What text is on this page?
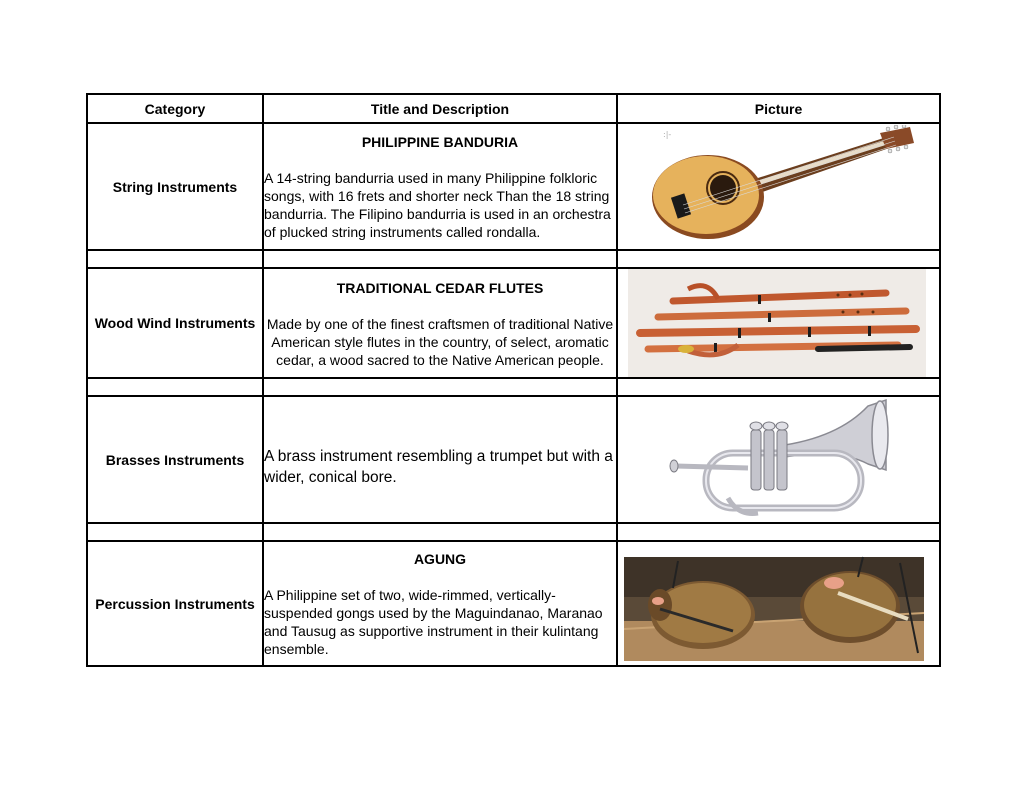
Category	Title and Description	Picture
String Instruments	PHILIPPINE BANDURIA
A 14-string bandurria used in many Philippine folkloric songs, with 16 frets and shorter neck Than the 18 string bandurria. The Filipino bandurria is used in an orchestra of plucked string instruments called rondalla.	:|-

Wood Wind Instruments	TRADITIONAL CEDAR FLUTES
Made by one of the finest craftsmen of traditional Native American style flutes in the country, of select, aromatic cedar, a wood sacred to the Native American people.

Brasses Instruments	A brass instrument resembling a trumpet but with a wider, conical bore.	

Percussion Instruments	AGUNG
A Philippine set of two, wide-rimmed, vertically-suspended gongs used by the Maguindanao, Maranao and Tausug as supportive instrument in their kulintang ensemble.	
